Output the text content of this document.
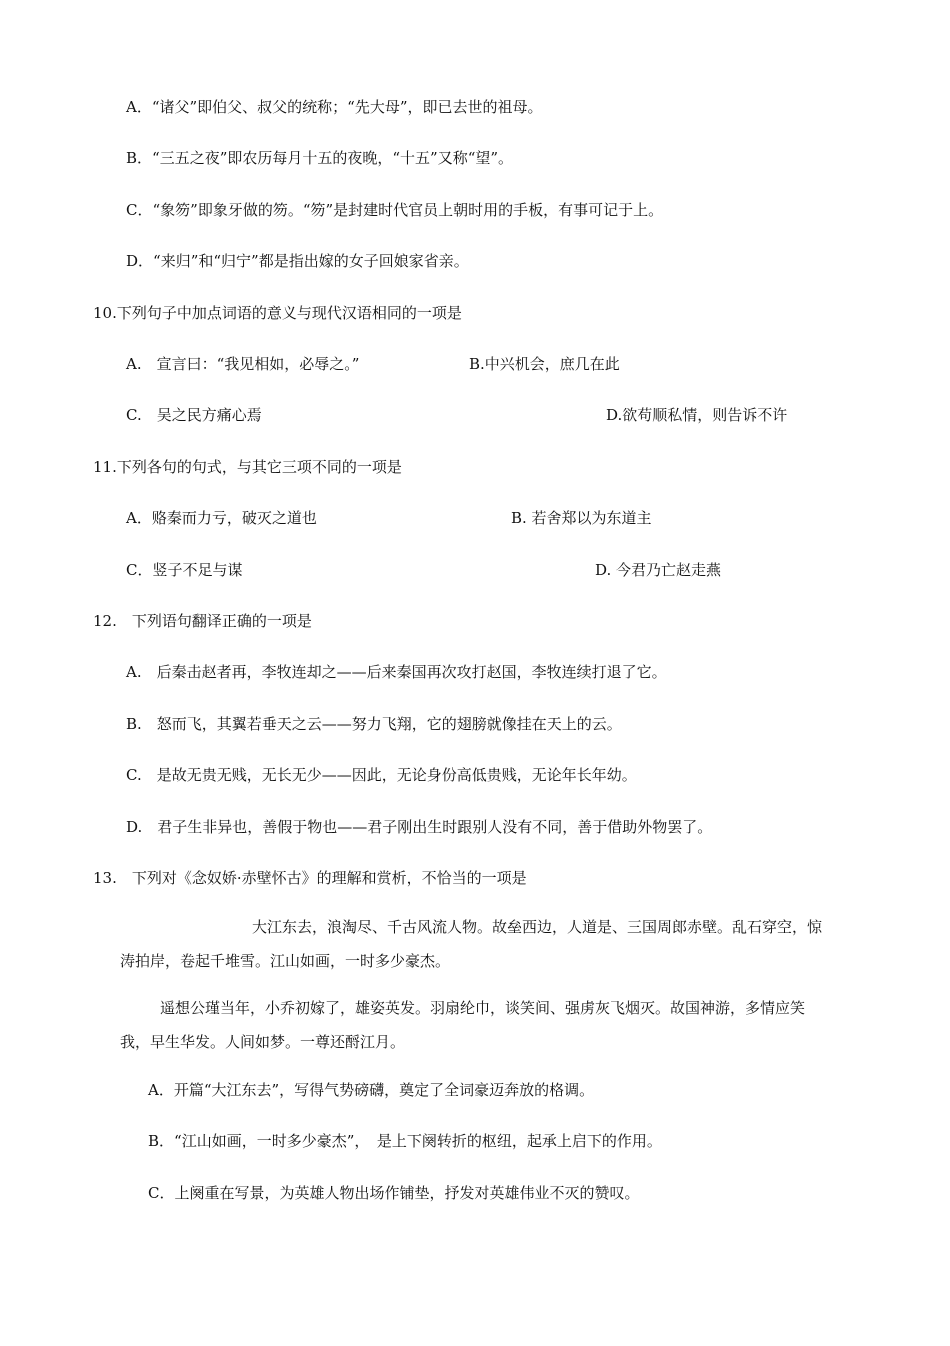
A．“诸父”即伯父、叔父的统称；“先大母”，即已去世的祖母。
B．“三五之夜”即农历每月十五的夜晚，“十五”又称“望”。
C．“象笏”即象牙做的笏。“笏”是封建时代官员上朝时用的手板，有事可记于上。
D．“来归”和“归宁”都是指出嫁的女子回娘家省亲。
10.下列句子中加点词语的意义与现代汉语相同的一项是
A.　宣言曰：“我见相如，必辱之。”	B.中兴机会，庶几在此
C.　吴之民方痛心焉	D.欲苟顺私情，则告诉不许
11.下列各句的句式，与其它三项不同的一项是
A．赂秦而力亏，破灭之道也	B. 若舍郑以为东道主
C．竖子不足与谋	D. 今君乃亡赵走燕
12.　下列语句翻译正确的一项是
A.　后秦击赵者再，李牧连却之——后来秦国再次攻打赵国，李牧连续打退了它。
B.　怒而飞，其翼若垂天之云——努力飞翔，它的翅膀就像挂在天上的云。
C.　是故无贵无贱，无长无少——因此，无论身份高低贵贱，无论年长年幼。
D.　君子生非异也，善假于物也——君子刚出生时跟别人没有不同，善于借助外物罢了。
13.　下列对《念奴娇·赤壁怀古》的理解和赏析，不恰当的一项是
大江东去，浪淘尽、千古风流人物。故垒西边，人道是、三国周郎赤壁。乱石穿空，惊涛拍岸，卷起千堆雪。江山如画，一时多少豪杰。
遥想公瑾当年，小乔初嫁了，雄姿英发。羽扇纶巾，谈笑间、强虏灰飞烟灭。故国神游，多情应笑我，早生华发。人间如梦。一尊还酹江月。
A．开篇“大江东去”，写得气势磅礴，奠定了全词豪迈奔放的格调。
B．“江山如画，一时多少豪杰”，　是上下阕转折的枢纽，起承上启下的作用。
C．上阕重在写景，为英雄人物出场作铺垫，抒发对英雄伟业不灭的赞叹。
